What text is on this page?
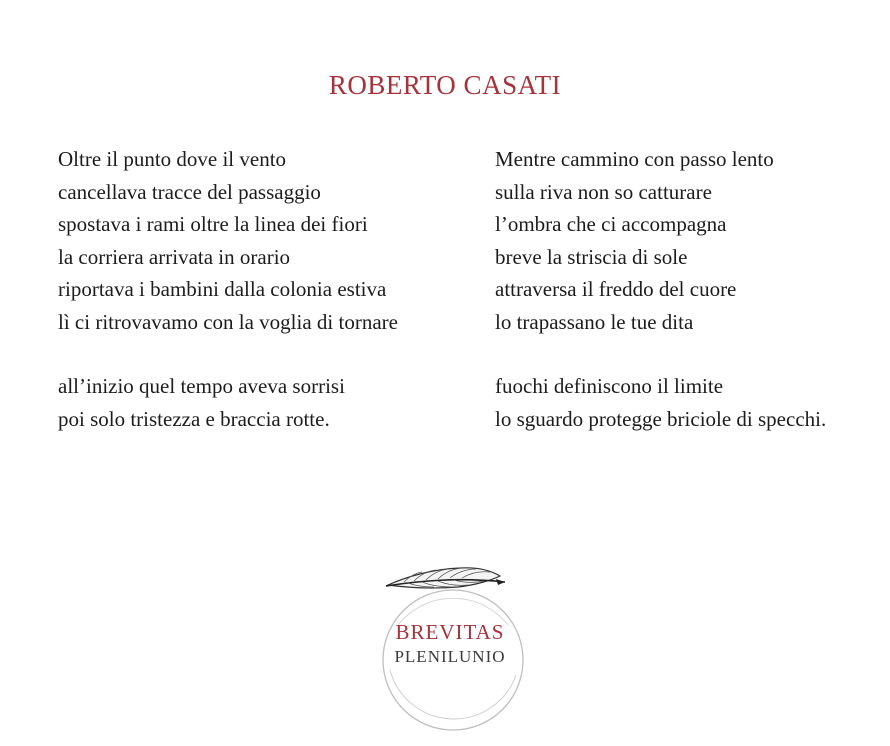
ROBERTO CASATI
Oltre il punto dove il vento
cancellava tracce del passaggio
spostava i rami oltre la linea dei fiori
la corriera arrivata in orario
riportava i bambini dalla colonia estiva
lì ci ritrovavamo con la voglia di tornare
all’inizio quel tempo aveva sorrisi
poi solo tristezza e braccia rotte.
Mentre cammino con passo lento
sulla riva non so catturare
l’ombra che ci accompagna
breve la striscia di sole
attraversa il freddo del cuore
lo trapassano le tue dita
fuochi definiscono il limite
lo sguardo protegge briciole di specchi.
BREVITAS
PLENILUNIO
